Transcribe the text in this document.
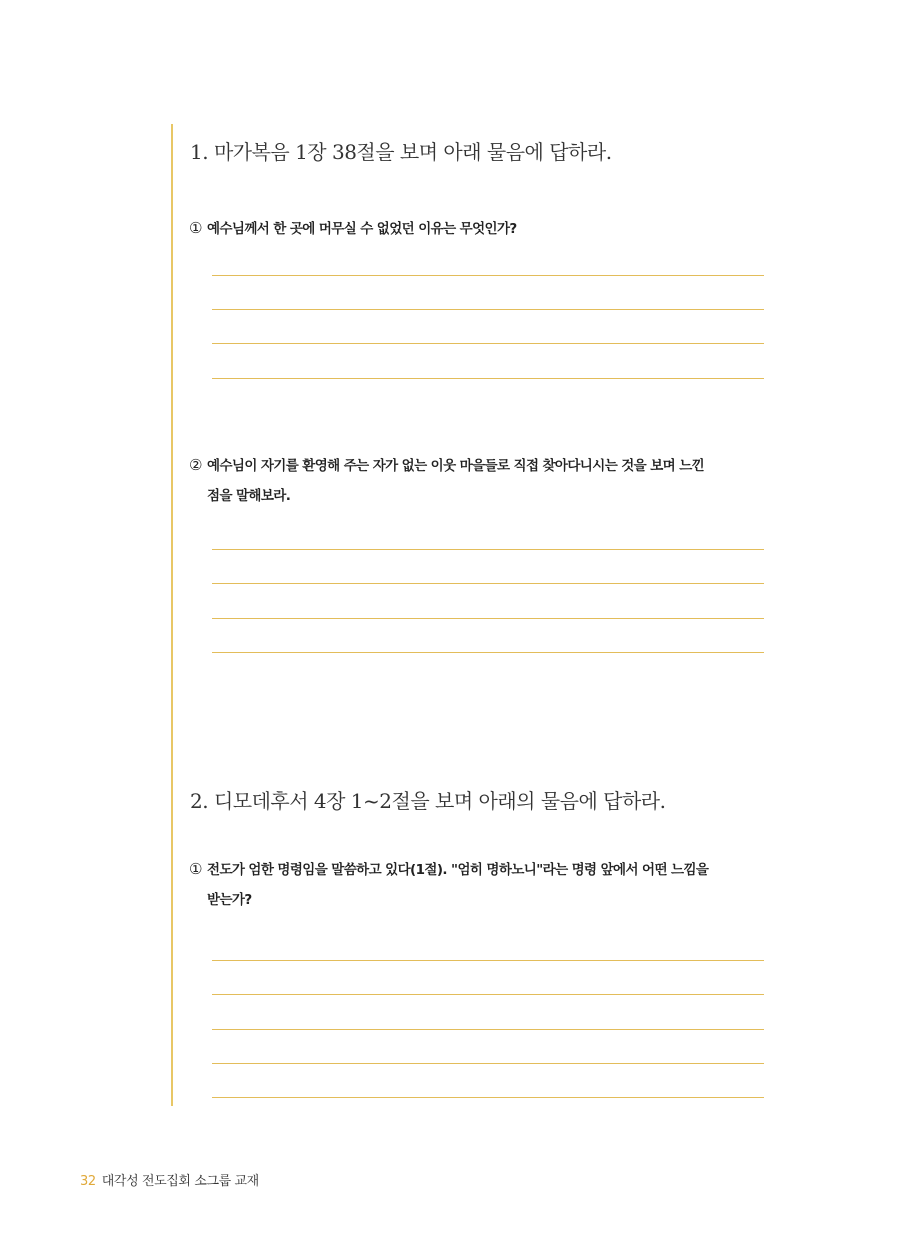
1. 마가복음 1장 38절을 보며 아래 물음에 답하라.

① 예수님께서 한 곳에 머무실 수 없었던 이유는 무엇인가?

② 예수님이 자기를 환영해 주는 자가 없는 이웃 마을들로 직접 찾아다니시는 것을 보며 느낀
점을 말해보라.

2. 디모데후서 4장 1~2절을 보며 아래의 물음에 답하라.

① 전도가 엄한 명령임을 말씀하고 있다(1절). "엄히 명하노니"라는 명령 앞에서 어떤 느낌을
받는가?

32 대각성 전도집회 소그룹 교재
